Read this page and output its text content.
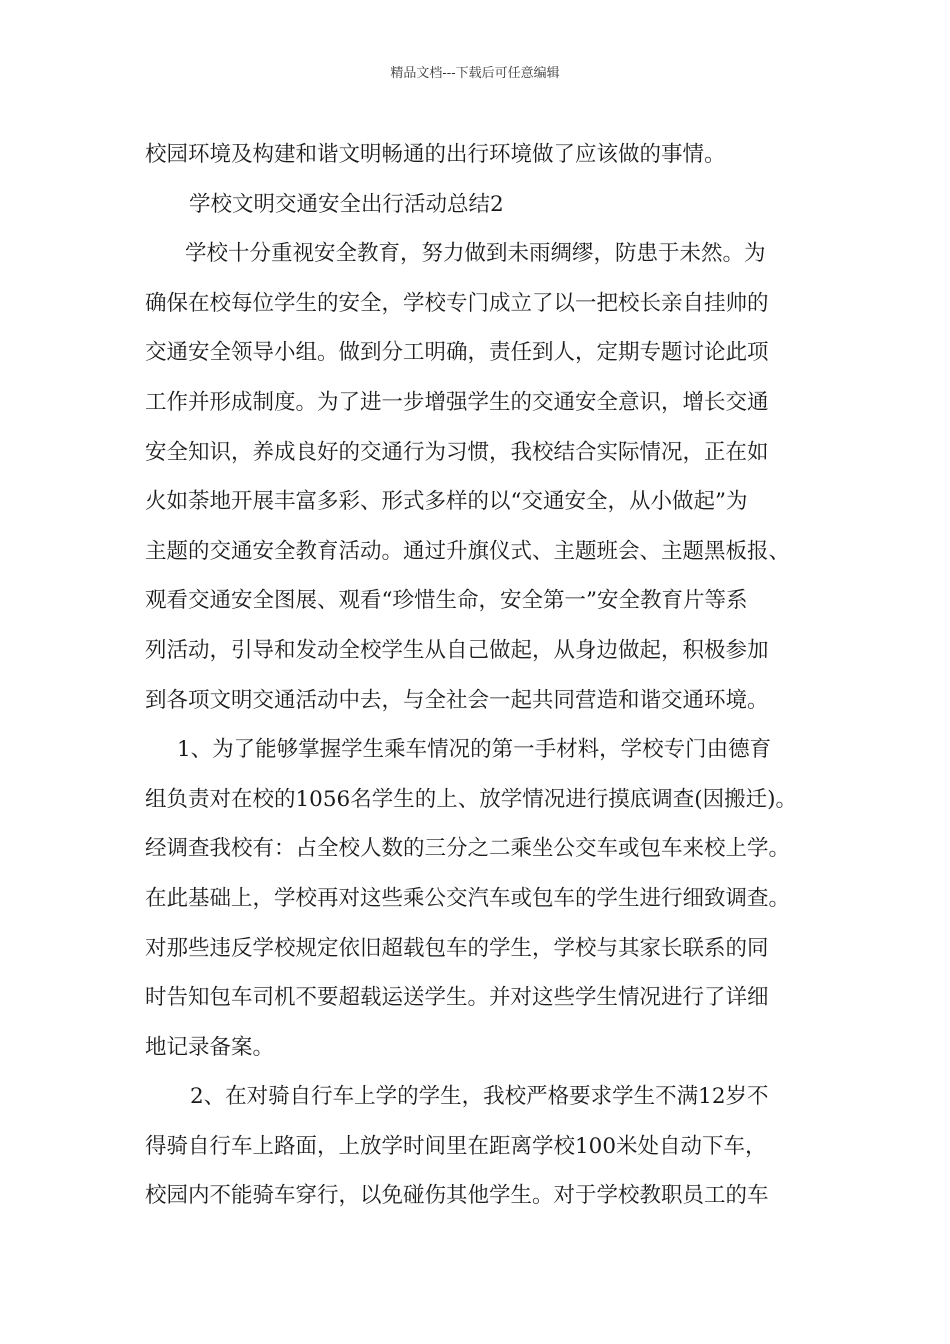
精品文档---下载后可任意编辑
校园环境及构建和谐文明畅通的出行环境做了应该做的事情。
学校文明交通安全出行活动总结2
学校十分重视安全教育，努力做到未雨绸缪，防患于未然。为
确保在校每位学生的安全，学校专门成立了以一把校长亲自挂帅的
交通安全领导小组。做到分工明确，责任到人，定期专题讨论此项
工作并形成制度。为了进一步增强学生的交通安全意识，增长交通
安全知识，养成良好的交通行为习惯，我校结合实际情况，正在如
火如荼地开展丰富多彩、形式多样的以“交通安全，从小做起”为
主题的交通安全教育活动。通过升旗仪式、主题班会、主题黑板报、
观看交通安全图展、观看“珍惜生命，安全第一”安全教育片等系
列活动，引导和发动全校学生从自己做起，从身边做起，积极参加
到各项文明交通活动中去，与全社会一起共同营造和谐交通环境。
1、为了能够掌握学生乘车情况的第一手材料，学校专门由德育
组负责对在校的1056名学生的上、放学情况进行摸底调查(因搬迁)。
经调查我校有：占全校人数的三分之二乘坐公交车或包车来校上学。
在此基础上，学校再对这些乘公交汽车或包车的学生进行细致调查。
对那些违反学校规定依旧超载包车的学生，学校与其家长联系的同
时告知包车司机不要超载运送学生。并对这些学生情况进行了详细
地记录备案。
2、在对骑自行车上学的学生，我校严格要求学生不满12岁不
得骑自行车上路面，上放学时间里在距离学校100米处自动下车，
校园内不能骑车穿行，以免碰伤其他学生。对于学校教职员工的车
